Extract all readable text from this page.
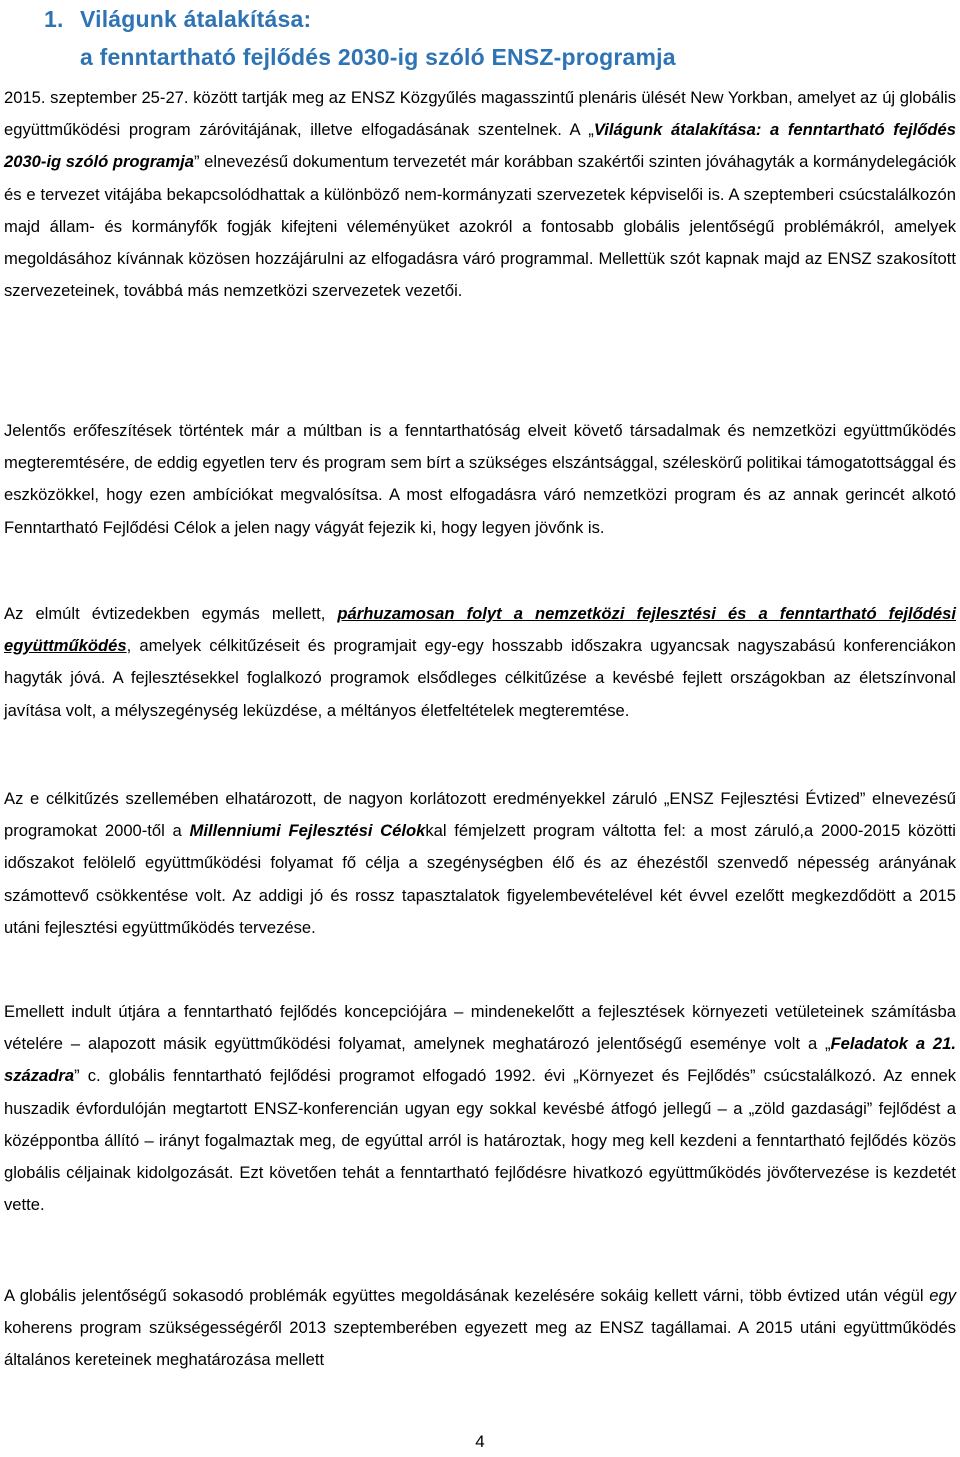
1. Világunk átalakítása:
a fenntartható fejlődés 2030-ig szóló ENSZ-programja

2015. szeptember 25-27. között tartják meg az ENSZ Közgyűlés magasszintű plenáris ülését New Yorkban, amelyet az új globális együttműködési program záróvitájának, illetve elfogadásának szentelnek. A „Világunk átalakítása: a fenntartható fejlődés 2030-ig szóló programja” elnevezésű dokumentum tervezetét már korábban szakértői szinten jóváhagyták a kormánydelegációk és e tervezet vitájába bekapcsolódhattak a különböző nem-kormányzati szervezetek képviselői is. A szeptemberi csúcstalálkozón majd állam- és kormányfők fogják kifejteni véleményüket azokról a fontosabb globális jelentőségű problémákról, amelyek megoldásához kívánnak közösen hozzájárulni az elfogadásra váró programmal. Mellettük szót kapnak majd az ENSZ szakosított szervezeteinek, továbbá más nemzetközi szervezetek vezetői.

Jelentős erőfeszítések történtek már a múltban is a fenntarthatóság elveit követő társadalmak és nemzetközi együttműködés megteremtésére, de eddig egyetlen terv és program sem bírt a szükséges elszántsággal, széleskörű politikai támogatottsággal és eszközökkel, hogy ezen ambíciókat megvalósítsa. A most elfogadásra váró nemzetközi program és az annak gerincét alkotó Fenntartható Fejlődési Célok a jelen nagy vágyát fejezik ki, hogy legyen jövőnk is.

Az elmúlt évtizedekben egymás mellett, párhuzamosan folyt a nemzetközi fejlesztési és a fenntartható fejlődési együttműködés, amelyek célkitűzéseit és programjait egy-egy hosszabb időszakra ugyancsak nagyszabású konferenciákon hagyták jóvá. A fejlesztésekkel foglalkozó programok elsődleges célkitűzése a kevésbé fejlett országokban az életszínvonal javítása volt, a mélyszegénység leküzdése, a méltányos életfeltételek megteremtése.

Az e célkitűzés szellemében elhatározott, de nagyon korlátozott eredményekkel záruló „ENSZ Fejlesztési Évtized” elnevezésű programokat 2000-től a Millenniumi Fejlesztési Célokkal fémjelzett program váltotta fel: a most záruló,a 2000-2015 közötti időszakot felölelő együttműködési folyamat fő célja a szegénységben élő és az éhezéstől szenvedő népesség arányának számottevő csökkentése volt. Az addigi jó és rossz tapasztalatok figyelembevételével két évvel ezelőtt megkezdődött a 2015 utáni fejlesztési együttműködés tervezése.

Emellett indult útjára a fenntartható fejlődés koncepciójára – mindenekelőtt a fejlesztések környezeti vetületeinek számításba vételére – alapozott másik együttműködési folyamat, amelynek meghatározó jelentőségű eseménye volt a „Feladatok a 21. századra” c. globális fenntartható fejlődési programot elfogadó 1992. évi „Környezet és Fejlődés” csúcstalálkozó. Az ennek huszadik évfordulóján megtartott ENSZ-konferencián ugyan egy sokkal kevésbé átfogó jellegű – a „zöld gazdasági” fejlődést a középpontba állító – irányt fogalmaztak meg, de egyúttal arról is határoztak, hogy meg kell kezdeni a fenntartható fejlődés közös globális céljainak kidolgozását. Ezt követően tehát a fenntartható fejlődésre hivatkozó együttműködés jövőtervezése is kezdetét vette.

A globális jelentőségű sokasodó problémák együttes megoldásának kezelésére sokáig kellett várni, több évtized után végül egy koherens program szükségességéről 2013 szeptemberében egyezett meg az ENSZ tagállamai. A 2015 utáni együttműködés általános kereteinek meghatározása mellett

4
